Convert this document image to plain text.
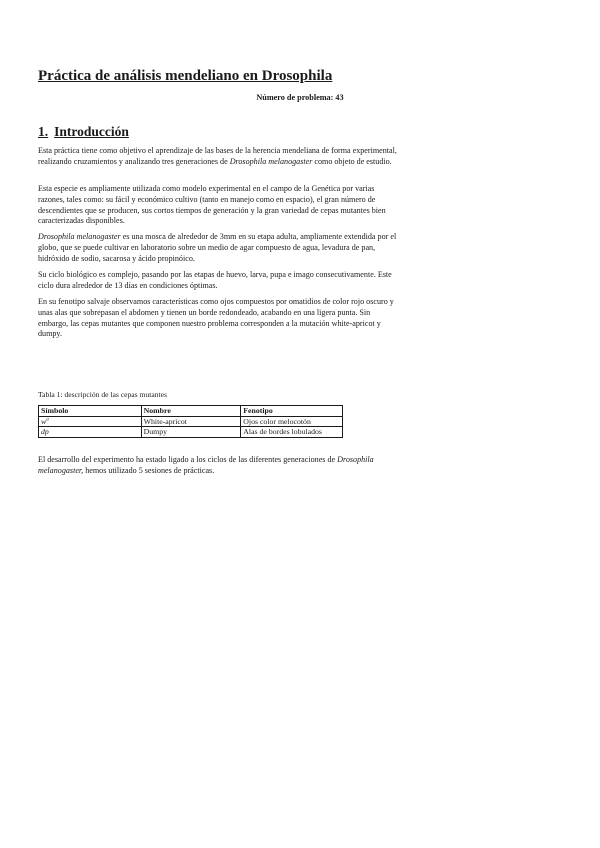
Práctica de análisis mendeliano en Drosophila
Número de problema: 43
1. Introducción

Esta práctica tiene como objetivo el aprendizaje de las bases de la herencia mendeliana de forma experimental, realizando cruzamientos y analizando tres generaciones de Drosophila melanogaster como objeto de estudio.

Esta especie es ampliamente utilizada como modelo experimental en el campo de la Genética por varias razones, tales como: su fácil y económico cultivo (tanto en manejo como en espacio), el gran número de descendientes que se producen, sus cortos tiempos de generación y la gran variedad de cepas mutantes bien caracterizadas disponibles.

Drosophila melanogaster es una mosca de alrededor de 3mm en su etapa adulta, ampliamente extendida por el globo, que se puede cultivar en laboratorio sobre un medio de agar compuesto de agua, levadura de pan, hidróxido de sodio, sacarosa y ácido propinóico.

Su ciclo biológico es complejo, pasando por las etapas de huevo, larva, pupa e imago consecutivamente. Este ciclo dura alrededor de 13 días en condiciones óptimas.

En su fenotipo salvaje observamos características como ojos compuestos por omatidios de color rojo oscuro y unas alas que sobrepasan el abdomen y tienen un borde redondeado, acabando en una ligera punta. Sin embargo, las cepas mutantes que componen nuestro problema corresponden a la mutación white-apricot y dumpy.

Tabla 1: descripción de las cepas mutantes
Símbolo	Nombre	Fenotipo
$w^a$	White-apricot	Ojos color melocotón
dp	Dumpy	Alas de bordes lobulados

El desarrollo del experimento ha estado ligado a los ciclos de las diferentes generaciones de Drosophila melanogaster, hemos utilizado 5 sesiones de prácticas.
